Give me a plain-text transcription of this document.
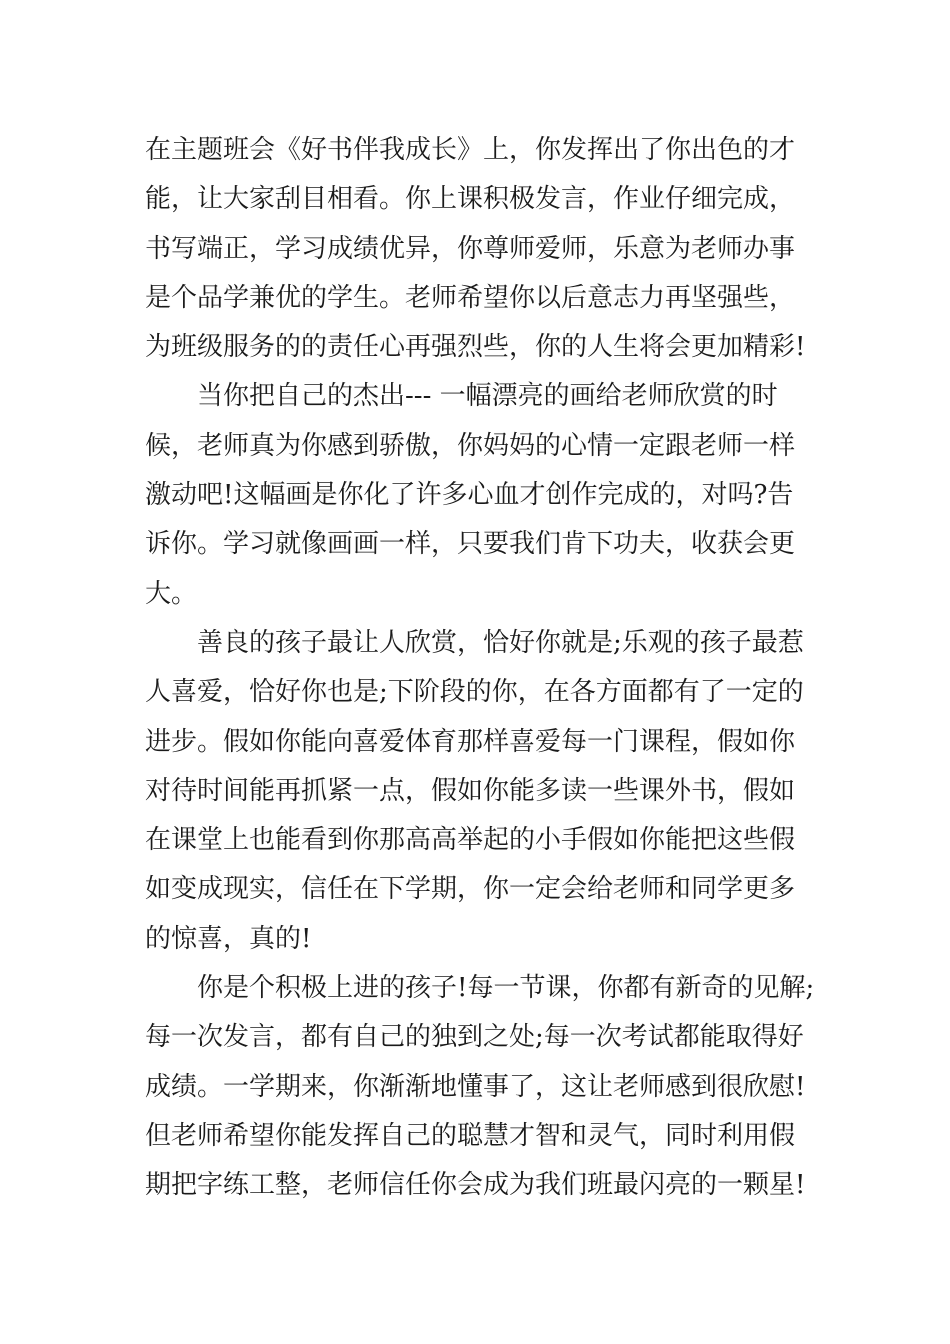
在主题班会《好书伴我成长》上，你发挥出了你出色的才
能，让大家刮目相看。你上课积极发言，作业仔细完成，
书写端正，学习成绩优异，你尊师爱师，乐意为老师办事
是个品学兼优的学生。老师希望你以后意志力再坚强些，
为班级服务的的责任心再强烈些，你的人生将会更加精彩!
当你把自己的杰出--- 一幅漂亮的画给老师欣赏的时
候，老师真为你感到骄傲，你妈妈的心情一定跟老师一样
激动吧!这幅画是你化了许多心血才创作完成的，对吗?告
诉你。学习就像画画一样，只要我们肯下功夫，收获会更
大。
善良的孩子最让人欣赏，恰好你就是;乐观的孩子最惹
人喜爱，恰好你也是;下阶段的你，在各方面都有了一定的
进步。假如你能向喜爱体育那样喜爱每一门课程，假如你
对待时间能再抓紧一点，假如你能多读一些课外书，假如
在课堂上也能看到你那高高举起的小手假如你能把这些假
如变成现实，信任在下学期，你一定会给老师和同学更多
的惊喜，真的!
你是个积极上进的孩子!每一节课，你都有新奇的见解;
每一次发言，都有自己的独到之处;每一次考试都能取得好
成绩。一学期来，你渐渐地懂事了，这让老师感到很欣慰!
但老师希望你能发挥自己的聪慧才智和灵气，同时利用假
期把字练工整，老师信任你会成为我们班最闪亮的一颗星!
